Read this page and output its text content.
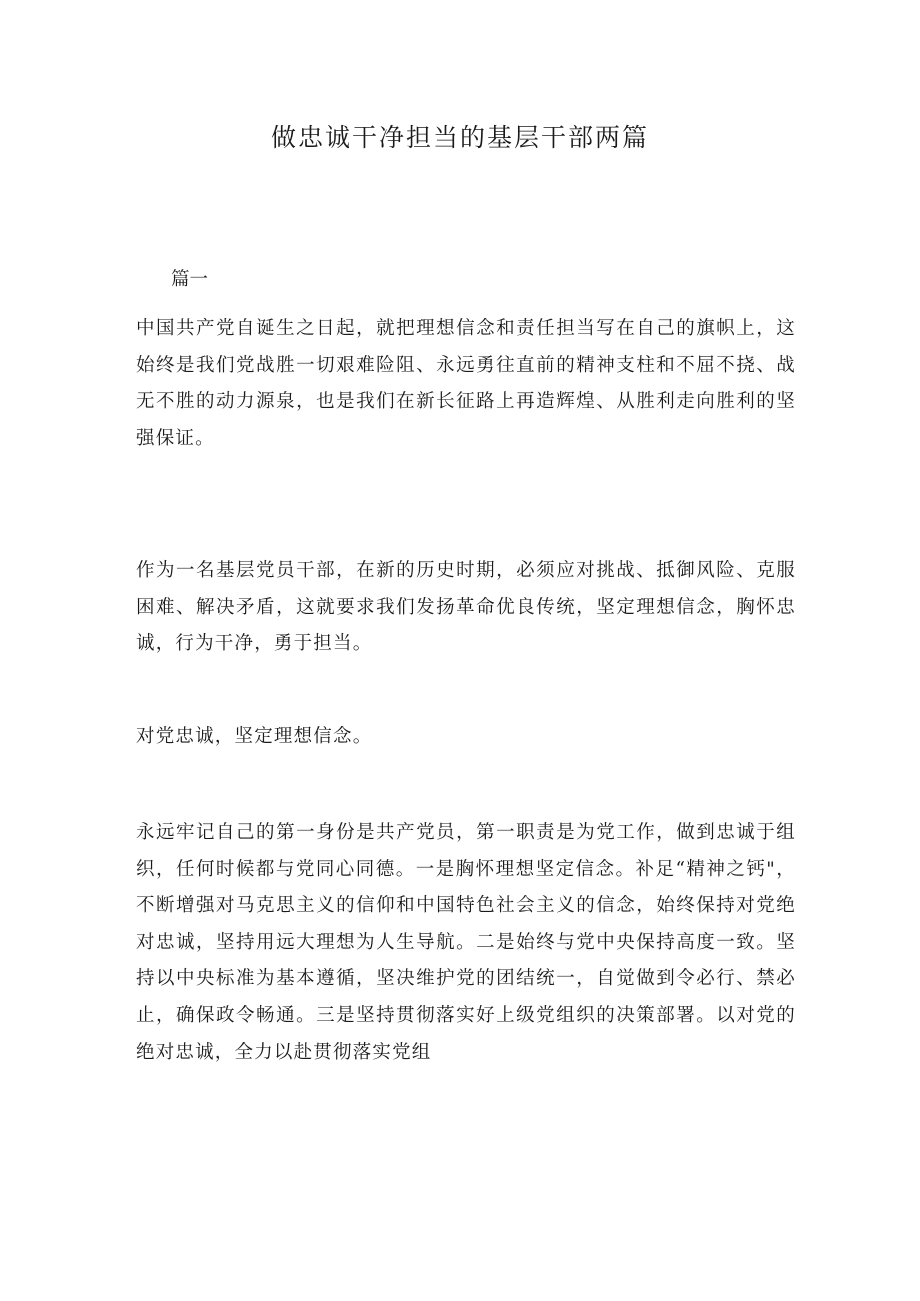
做忠诚干净担当的基层干部两篇
篇一
中国共产党自诞生之日起，就把理想信念和责任担当写在自己的旗帜上，这始终是我们党战胜一切艰难险阻、永远勇往直前的精神支柱和不屈不挠、战无不胜的动力源泉，也是我们在新长征路上再造辉煌、从胜利走向胜利的坚强保证。
作为一名基层党员干部，在新的历史时期，必须应对挑战、抵御风险、克服困难、解决矛盾，这就要求我们发扬革命优良传统，坚定理想信念，胸怀忠诚，行为干净，勇于担当。
对党忠诚，坚定理想信念。
永远牢记自己的第一身份是共产党员，第一职责是为党工作，做到忠诚于组织，任何时候都与党同心同德。一是胸怀理想坚定信念。补足“精神之钙"，不断增强对马克思主义的信仰和中国特色社会主义的信念，始终保持对党绝对忠诚，坚持用远大理想为人生导航。二是始终与党中央保持高度一致。坚持以中央标准为基本遵循，坚决维护党的团结统一，自觉做到令必行、禁必止，确保政令畅通。三是坚持贯彻落实好上级党组织的决策部署。以对党的绝对忠诚，全力以赴贯彻落实党组
